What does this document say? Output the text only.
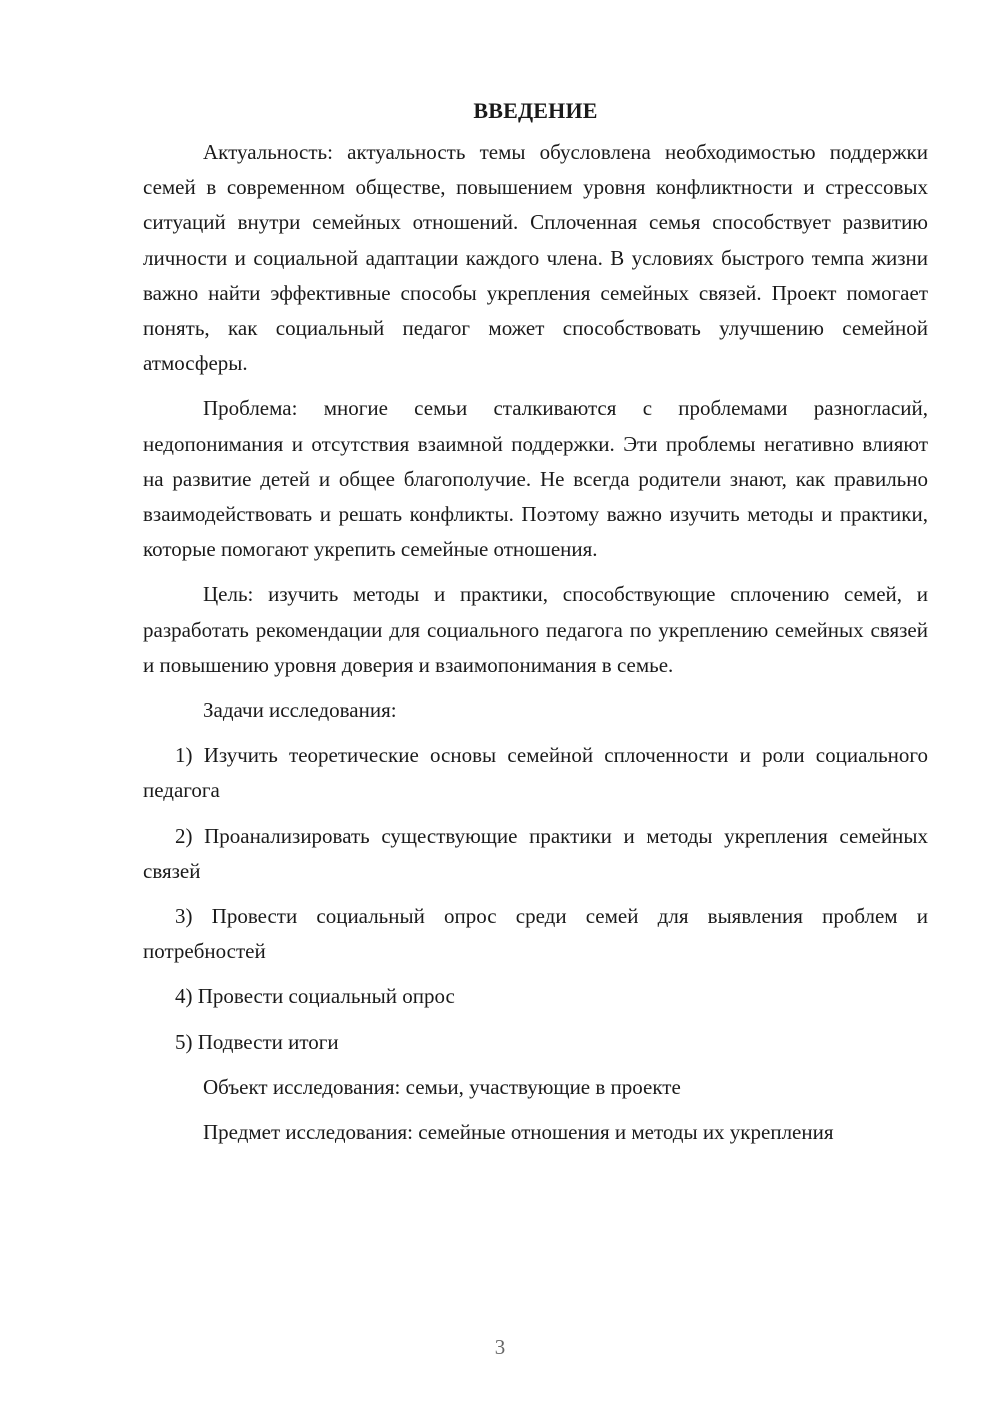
ВВЕДЕНИЕ

Актуальность: актуальность темы обусловлена необходимостью поддержки семей в современном обществе, повышением уровня конфликтности и стрессовых ситуаций внутри семейных отношений. Сплоченная семья способствует развитию личности и социальной адаптации каждого члена. В условиях быстрого темпа жизни важно найти эффективные способы укрепления семейных связей. Проект помогает понять, как социальный педагог может способствовать улучшению семейной атмосферы.

Проблема: многие семьи сталкиваются с проблемами разногласий, недопонимания и отсутствия взаимной поддержки. Эти проблемы негативно влияют на развитие детей и общее благополучие. Не всегда родители знают, как правильно взаимодействовать и решать конфликты. Поэтому важно изучить методы и практики, которые помогают укрепить семейные отношения.

Цель: изучить методы и практики, способствующие сплочению семей, и разработать рекомендации для социального педагога по укреплению семейных связей и повышению уровня доверия и взаимопонимания в семье.

Задачи исследования:

1) Изучить теоретические основы семейной сплоченности и роли социального педагога

2) Проанализировать существующие практики и методы укрепления семейных связей

3) Провести социальный опрос среди семей для выявления проблем и потребностей

4) Провести социальный опрос

5) Подвести итоги

Объект исследования: семьи, участвующие в проекте

Предмет исследования: семейные отношения и методы их укрепления

3
